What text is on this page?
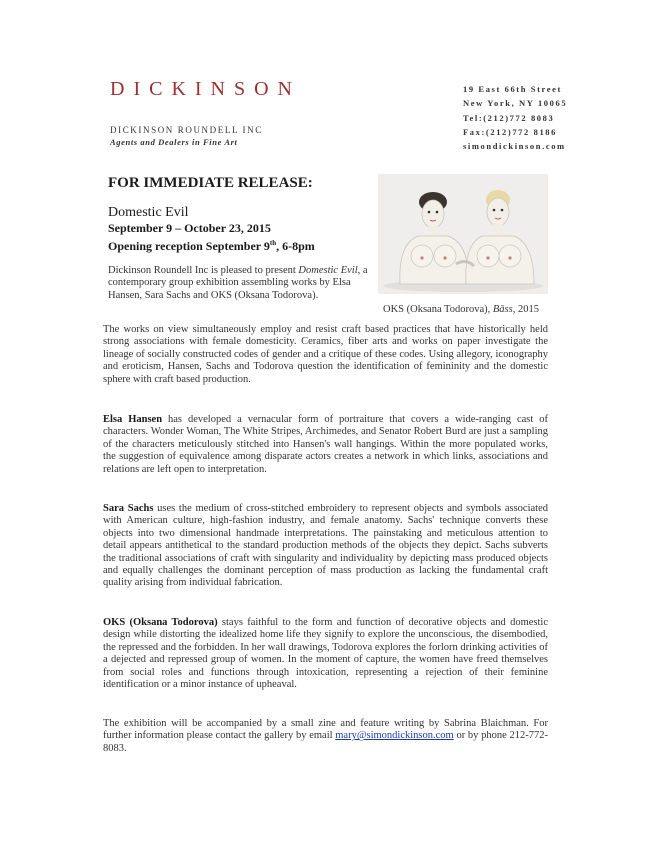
DICKINSON
DICKINSON ROUNDELL INC
Agents and Dealers in Fine Art
19 East 66th Street
New York, NY 10065
Tel:(212)772 8083
Fax:(212)772 8186
simondickinson.com
FOR IMMEDIATE RELEASE:
Domestic Evil
September 9 – October 23, 2015
Opening reception September 9th, 6-8pm
Dickinson Roundell Inc is pleased to present Domestic Evil, a contemporary group exhibition assembling works by Elsa Hansen, Sara Sachs and OKS (Oksana Todorova).
OKS (Oksana Todorova), Bāss, 2015
The works on view simultaneously employ and resist craft based practices that have historically held strong associations with female domesticity. Ceramics, fiber arts and works on paper investigate the lineage of socially constructed codes of gender and a critique of these codes. Using allegory, iconography and eroticism, Hansen, Sachs and Todorova question the identification of femininity and the domestic sphere with craft based production.
Elsa Hansen has developed a vernacular form of portraiture that covers a wide-ranging cast of characters. Wonder Woman, The White Stripes, Archimedes, and Senator Robert Burd are just a sampling of the characters meticulously stitched into Hansen's wall hangings. Within the more populated works, the suggestion of equivalence among disparate actors creates a network in which links, associations and relations are left open to interpretation.
Sara Sachs uses the medium of cross-stitched embroidery to represent objects and symbols associated with American culture, high-fashion industry, and female anatomy. Sachs' technique converts these objects into two dimensional handmade interpretations. The painstaking and meticulous attention to detail appears antithetical to the standard production methods of the objects they depict. Sachs subverts the traditional associations of craft with singularity and individuality by depicting mass produced objects and equally challenges the dominant perception of mass production as lacking the fundamental craft quality arising from individual fabrication.
OKS (Oksana Todorova) stays faithful to the form and function of decorative objects and domestic design while distorting the idealized home life they signify to explore the unconscious, the disembodied, the repressed and the forbidden. In her wall drawings, Todorova explores the forlorn drinking activities of a dejected and repressed group of women. In the moment of capture, the women have freed themselves from social roles and functions through intoxication, representing a rejection of their feminine identification or a minor instance of upheaval.
The exhibition will be accompanied by a small zine and feature writing by Sabrina Blaichman. For further information please contact the gallery by email mary@simondickinson.com or by phone 212-772-8083.
